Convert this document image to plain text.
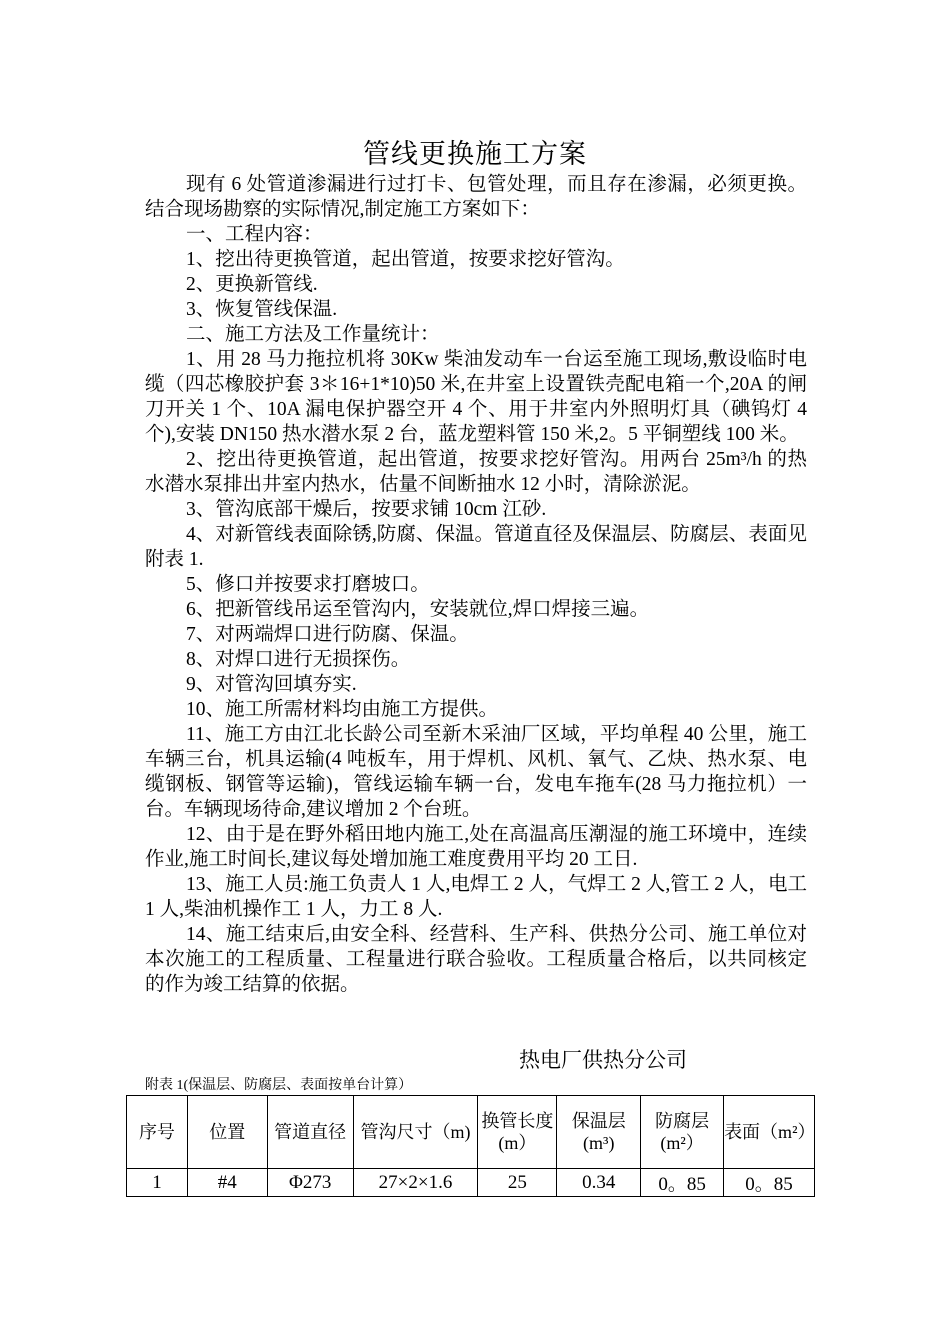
管线更换施工方案

现有 6 处管道渗漏进行过打卡、包管处理，而且存在渗漏，必须更换。结合现场勘察的实际情况,制定施工方案如下：

一、工程内容：

1、挖出待更换管道，起出管道，按要求挖好管沟。

2、更换新管线.

3、恢复管线保温.

二、施工方法及工作量统计：

1、用 28 马力拖拉机将 30Kw 柴油发动车一台运至施工现场,敷设临时电缆（四芯橡胶护套 3＊16+1*10)50 米,在井室上设置铁壳配电箱一个,20A 的闸刀开关 1 个、10A 漏电保护器空开 4 个、用于井室内外照明灯具（碘钨灯 4 个),安装 DN150 热水潜水泵 2 台，蓝龙塑料管 150 米,2。5 平铜塑线 100 米。

2、挖出待更换管道，起出管道，按要求挖好管沟。用两台 25m³/h 的热水潜水泵排出井室内热水，估量不间断抽水 12 小时，清除淤泥。

3、管沟底部干燥后，按要求铺 10cm 江砂.

4、对新管线表面除锈,防腐、保温。管道直径及保温层、防腐层、表面见附表 1.

5、修口并按要求打磨坡口。

6、把新管线吊运至管沟内，安装就位,焊口焊接三遍。

7、对两端焊口进行防腐、保温。

8、对焊口进行无损探伤。

9、对管沟回填夯实.

10、施工所需材料均由施工方提供。

11、施工方由江北长龄公司至新木采油厂区域，平均单程 40 公里，施工车辆三台，机具运输(4 吨板车，用于焊机、风机、氧气、乙炔、热水泵、电缆钢板、钢管等运输)，管线运输车辆一台，发电车拖车(28 马力拖拉机）一台。车辆现场待命,建议增加 2 个台班。

12、由于是在野外稻田地内施工,处在高温高压潮湿的施工环境中，连续作业,施工时间长,建议每处增加施工难度费用平均 20 工日.

13、施工人员:施工负责人 1 人,电焊工 2 人，气焊工 2 人,管工 2 人，电工 1 人,柴油机操作工 1 人，力工 8 人.

14、施工结束后,由安全科、经营科、生产科、供热分公司、施工单位对本次施工的工程质量、工程量进行联合验收。工程质量合格后，以共同核定的作为竣工结算的依据。

热电厂供热分公司
附表 1(保温层、防腐层、表面按单台计算）
序号	位置	管道直径	管沟尺寸（m)	换管长度(m）	保温层(m³)	防腐层(m²）	表面（m²）
1	#4	Φ273	27×2×1.6	25	0.34	0。85	0。85
